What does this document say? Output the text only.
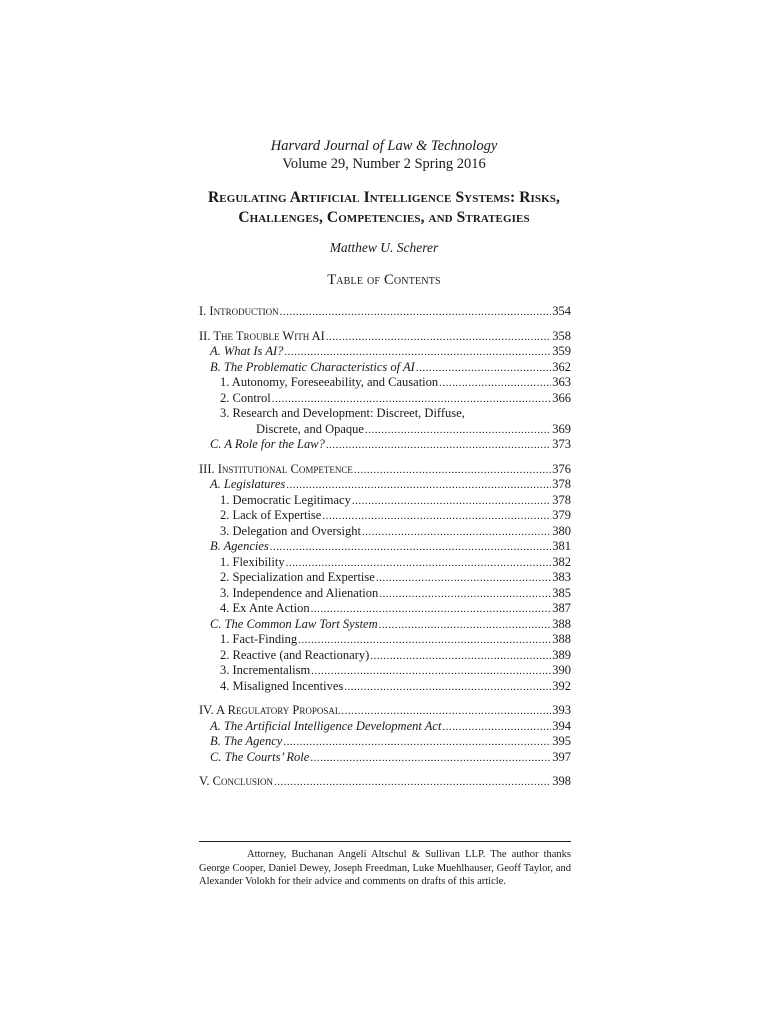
Harvard Journal of Law & Technology
Volume 29, Number 2 Spring 2016
Regulating Artificial Intelligence Systems: Risks,
Challenges, Competencies, and Strategies
Matthew U. Scherer
Table of Contents
I. Introduction .....	354
II. The Trouble With AI .....	358
A. What Is AI? .....	359
B. The Problematic Characteristics of AI .....	362
1. Autonomy, Foreseeability, and Causation .....	363
2. Control .....	366
3. Research and Development: Discreet, Diffuse,
Discrete, and Opaque .....	369
C. A Role for the Law? .....	373
III. Institutional Competence .....	376
A. Legislatures .....	378
1. Democratic Legitimacy .....	378
2. Lack of Expertise .....	379
3. Delegation and Oversight .....	380
B. Agencies .....	381
1. Flexibility .....	382
2. Specialization and Expertise .....	383
3. Independence and Alienation .....	385
4. Ex Ante Action .....	387
C. The Common Law Tort System .....	388
1. Fact-Finding .....	388
2. Reactive (and Reactionary) .....	389
3. Incrementalism .....	390
4. Misaligned Incentives .....	392
IV. A Regulatory Proposal .....	393
A. The Artificial Intelligence Development Act .....	394
B. The Agency .....	395
C. The Courts’ Role .....	397
V. Conclusion .....	398
Attorney, Buchanan Angeli Altschul & Sullivan LLP. The author thanks George Cooper, Daniel Dewey, Joseph Freedman, Luke Muehlhauser, Geoff Taylor, and Alexander Volokh for their advice and comments on drafts of this article.
